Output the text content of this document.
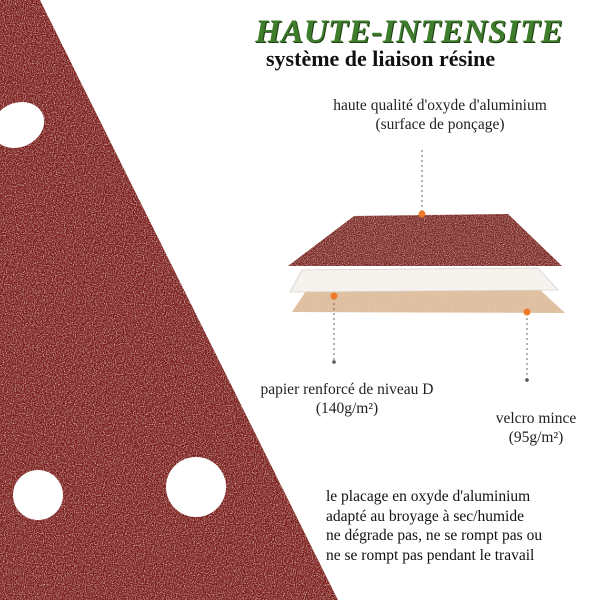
HAUTE-INTENSITE
système de liaison résine
haute qualité d'oxyde d'aluminium
(surface de ponçage)
papier renforcé de niveau D
(140g/m²)
velcro mince
(95g/m²)
le placage en oxyde d'aluminium
adapté au broyage à sec/humide
ne dégrade pas, ne se rompt pas ou
ne se rompt pas pendant le travail
